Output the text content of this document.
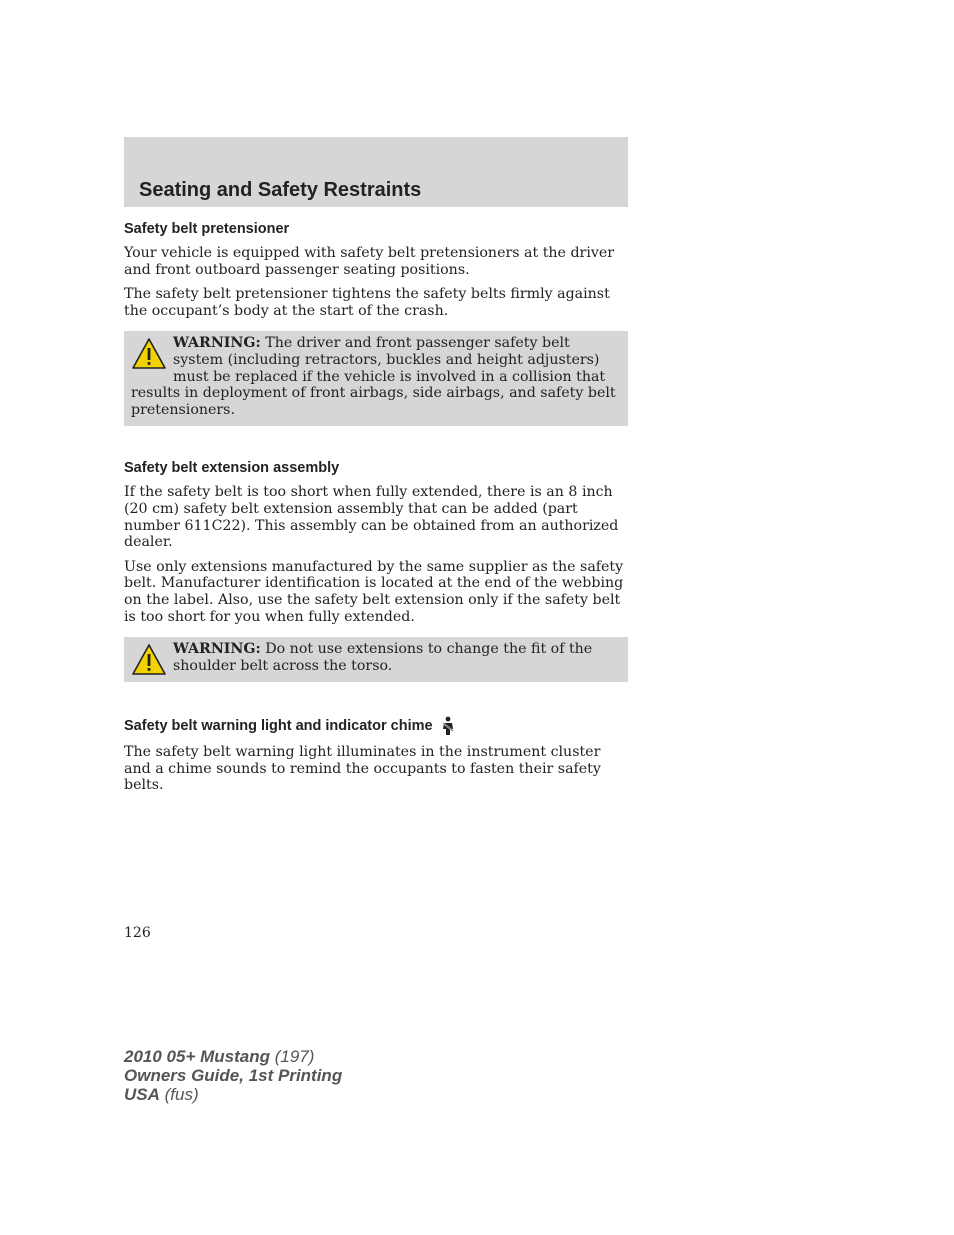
Seating and Safety Restraints
Safety belt pretensioner

Your vehicle is equipped with safety belt pretensioners at the driver and front outboard passenger seating positions.

The safety belt pretensioner tightens the safety belts firmly against the occupant’s body at the start of the crash.

WARNING: The driver and front passenger safety belt system (including retractors, buckles and height adjusters) must be replaced if the vehicle is involved in a collision that results in deployment of front airbags, side airbags, and safety belt pretensioners.
Safety belt extension assembly

If the safety belt is too short when fully extended, there is an 8 inch (20 cm) safety belt extension assembly that can be added (part number 611C22). This assembly can be obtained from an authorized dealer.

Use only extensions manufactured by the same supplier as the safety belt. Manufacturer identification is located at the end of the webbing on the label. Also, use the safety belt extension only if the safety belt is too short for you when fully extended.

WARNING: Do not use extensions to change the fit of the shoulder belt across the torso.
Safety belt warning light and indicator chime

The safety belt warning light illuminates in the instrument cluster and a chime sounds to remind the occupants to fasten their safety belts.

126
2010 05+ Mustang (197)
Owners Guide, 1st Printing
USA (fus)
